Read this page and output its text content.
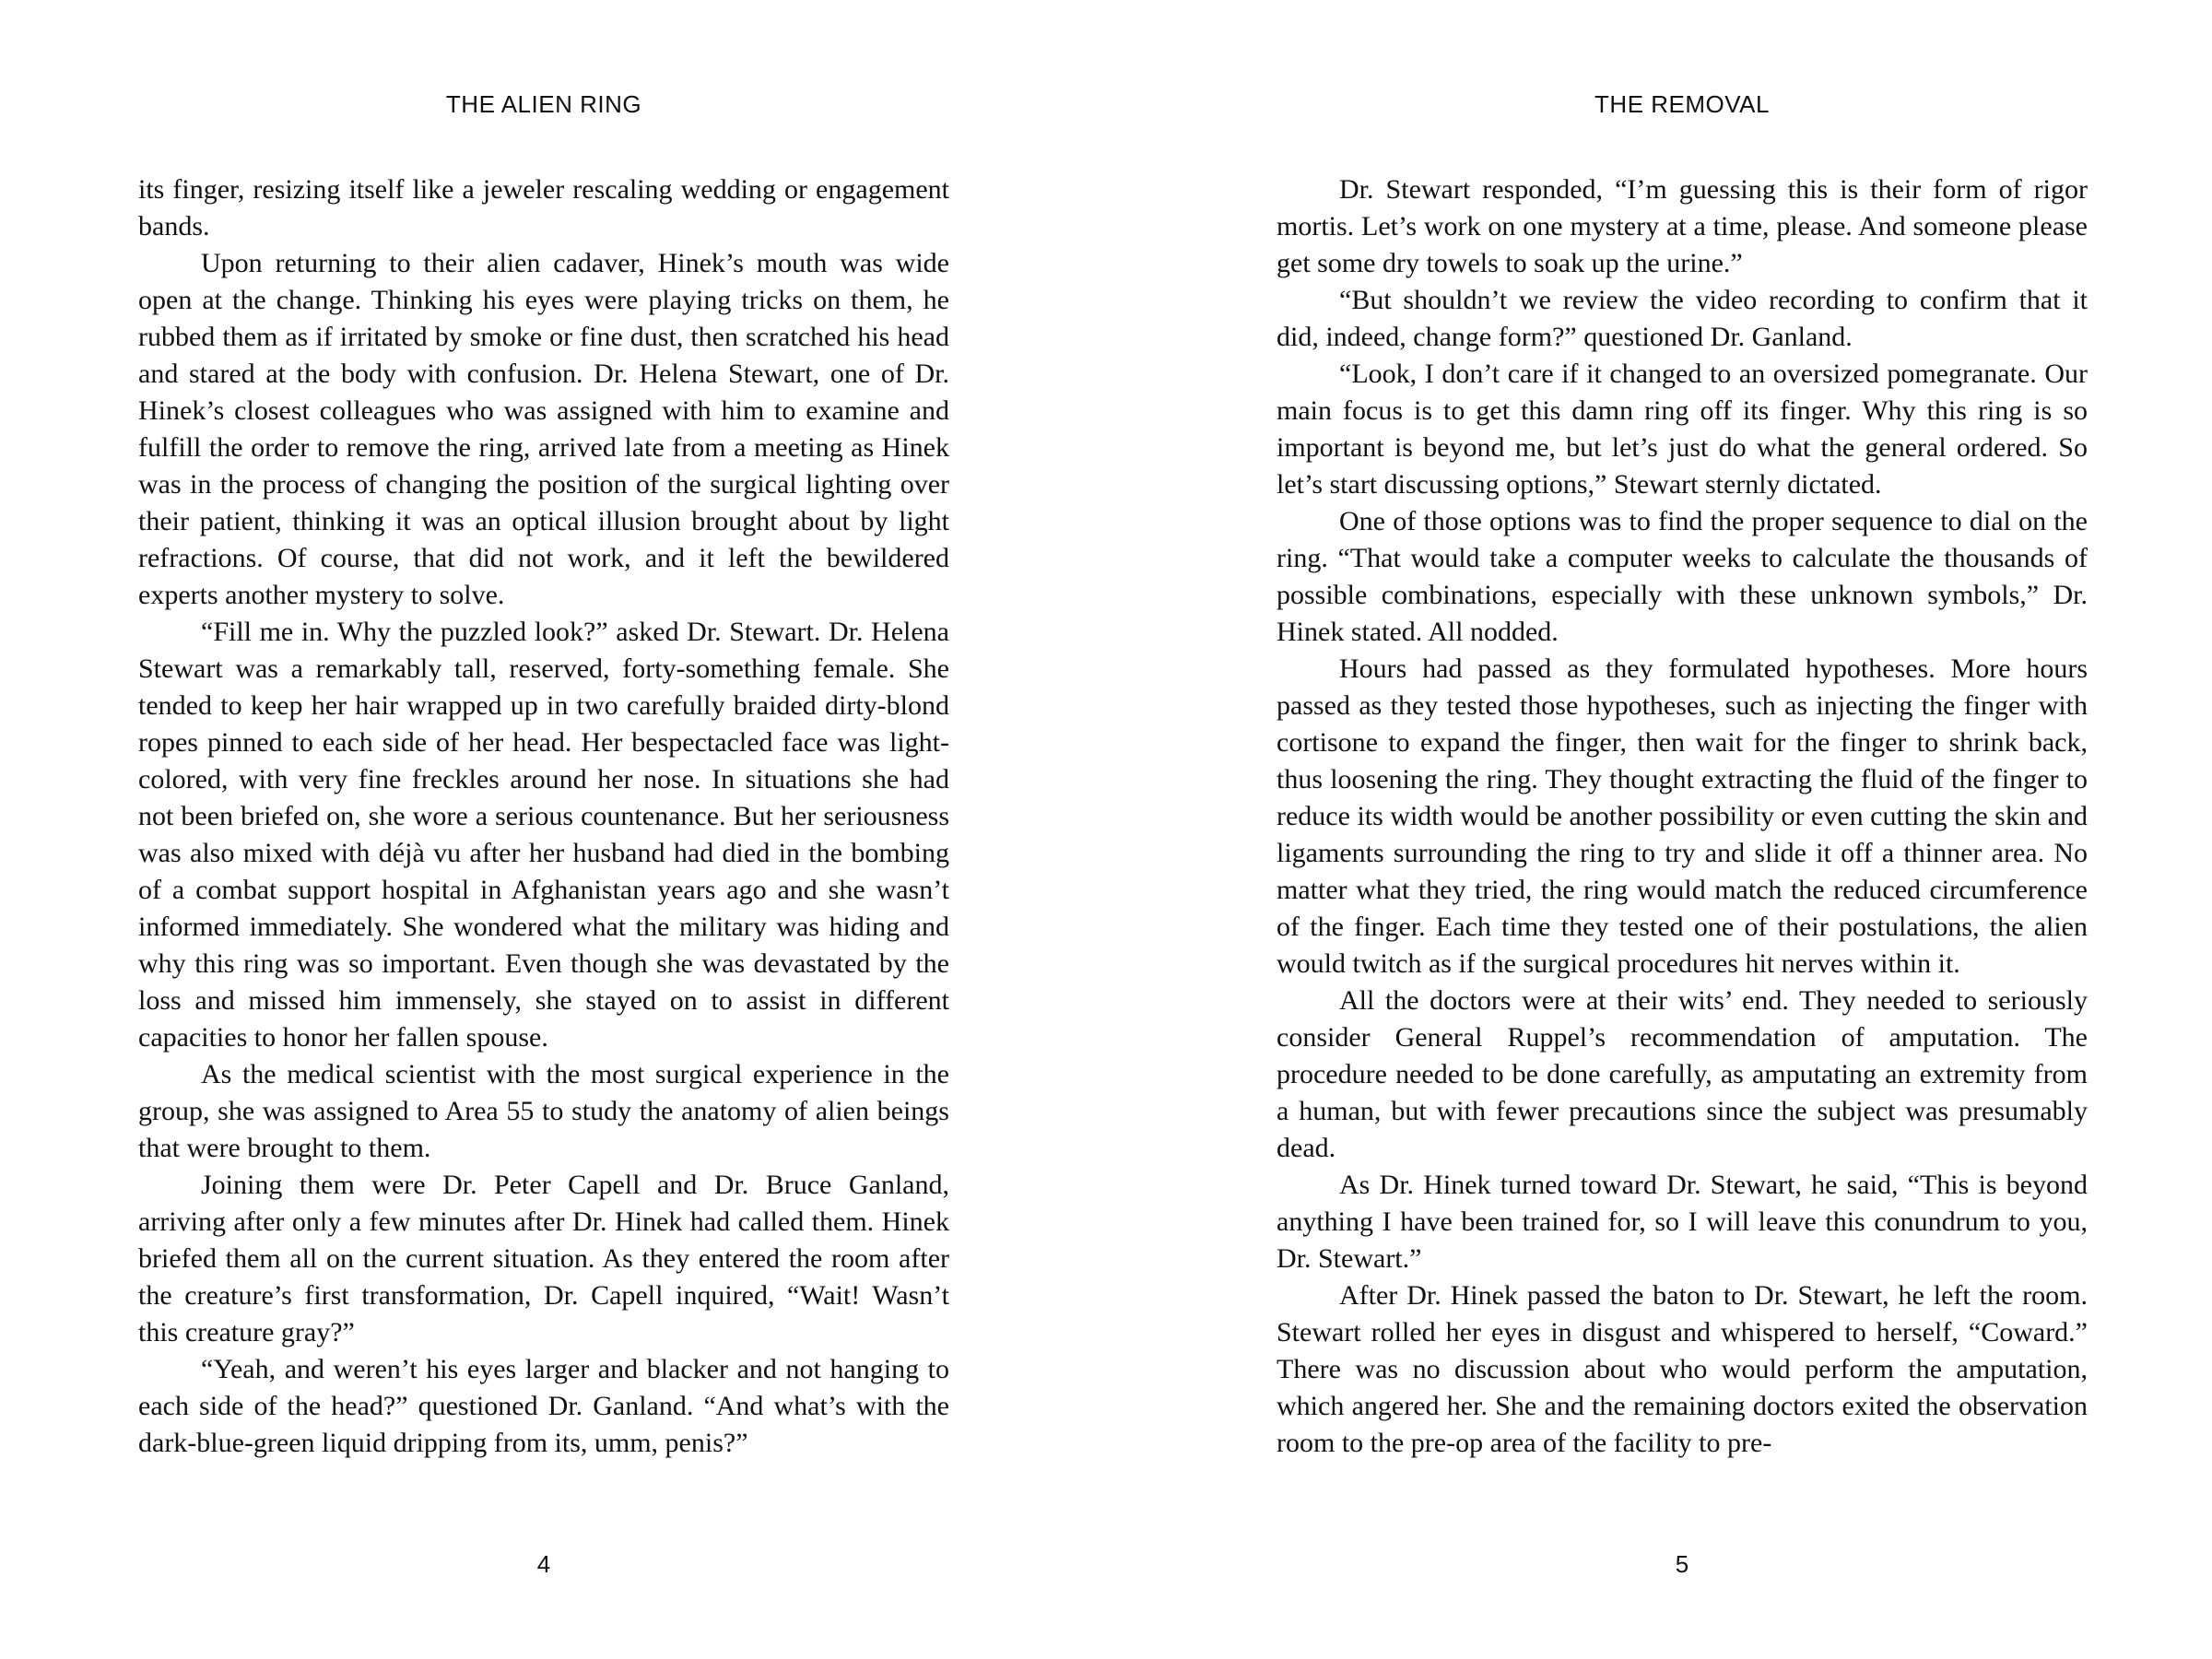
THE ALIEN RING

its finger, resizing itself like a jeweler rescaling wedding or engagement bands.

Upon returning to their alien cadaver, Hinek’s mouth was wide open at the change. Thinking his eyes were playing tricks on them, he rubbed them as if irritated by smoke or fine dust, then scratched his head and stared at the body with confusion. Dr. Helena Stewart, one of Dr. Hinek’s closest colleagues who was assigned with him to examine and fulfill the order to remove the ring, arrived late from a meeting as Hinek was in the process of changing the position of the surgical lighting over their patient, thinking it was an optical illusion brought about by light refractions. Of course, that did not work, and it left the bewildered experts another mystery to solve.

“Fill me in. Why the puzzled look?” asked Dr. Stewart. Dr. Helena Stewart was a remarkably tall, reserved, forty-something female. She tended to keep her hair wrapped up in two carefully braided dirty-blond ropes pinned to each side of her head. Her bespectacled face was light-colored, with very fine freckles around her nose. In situations she had not been briefed on, she wore a serious countenance. But her seriousness was also mixed with déjà vu after her husband had died in the bombing of a combat support hospital in Afghanistan years ago and she wasn’t informed immediately. She wondered what the military was hiding and why this ring was so important. Even though she was devastated by the loss and missed him immensely, she stayed on to assist in different capacities to honor her fallen spouse.

As the medical scientist with the most surgical experience in the group, she was assigned to Area 55 to study the anatomy of alien beings that were brought to them.

Joining them were Dr. Peter Capell and Dr. Bruce Ganland, arriving after only a few minutes after Dr. Hinek had called them. Hinek briefed them all on the current situation. As they entered the room after the creature’s first transformation, Dr. Capell inquired, “Wait! Wasn’t this creature gray?”

“Yeah, and weren’t his eyes larger and blacker and not hanging to each side of the head?” questioned Dr. Ganland. “And what’s with the dark-blue-green liquid dripping from its, umm, penis?”

4
THE REMOVAL

Dr. Stewart responded, “I’m guessing this is their form of rigor mortis. Let’s work on one mystery at a time, please. And someone please get some dry towels to soak up the urine.”

“But shouldn’t we review the video recording to confirm that it did, indeed, change form?” questioned Dr. Ganland.

“Look, I don’t care if it changed to an oversized pomegranate. Our main focus is to get this damn ring off its finger. Why this ring is so important is beyond me, but let’s just do what the general ordered. So let’s start discussing options,” Stewart sternly dictated.

One of those options was to find the proper sequence to dial on the ring. “That would take a computer weeks to calculate the thousands of possible combinations, especially with these unknown symbols,” Dr. Hinek stated. All nodded.

Hours had passed as they formulated hypotheses. More hours passed as they tested those hypotheses, such as injecting the finger with cortisone to expand the finger, then wait for the finger to shrink back, thus loosening the ring. They thought extracting the fluid of the finger to reduce its width would be another possibility or even cutting the skin and ligaments surrounding the ring to try and slide it off a thinner area. No matter what they tried, the ring would match the reduced circumference of the finger. Each time they tested one of their postulations, the alien would twitch as if the surgical procedures hit nerves within it.

All the doctors were at their wits’ end. They needed to seriously consider General Ruppel’s recommendation of amputation. The procedure needed to be done carefully, as amputating an extremity from a human, but with fewer precautions since the subject was presumably dead.

As Dr. Hinek turned toward Dr. Stewart, he said, “This is beyond anything I have been trained for, so I will leave this conundrum to you, Dr. Stewart.”

After Dr. Hinek passed the baton to Dr. Stewart, he left the room. Stewart rolled her eyes in disgust and whispered to herself, “Coward.” There was no discussion about who would perform the amputation, which angered her. She and the remaining doctors exited the observation room to the pre-op area of the facility to pre-

5
